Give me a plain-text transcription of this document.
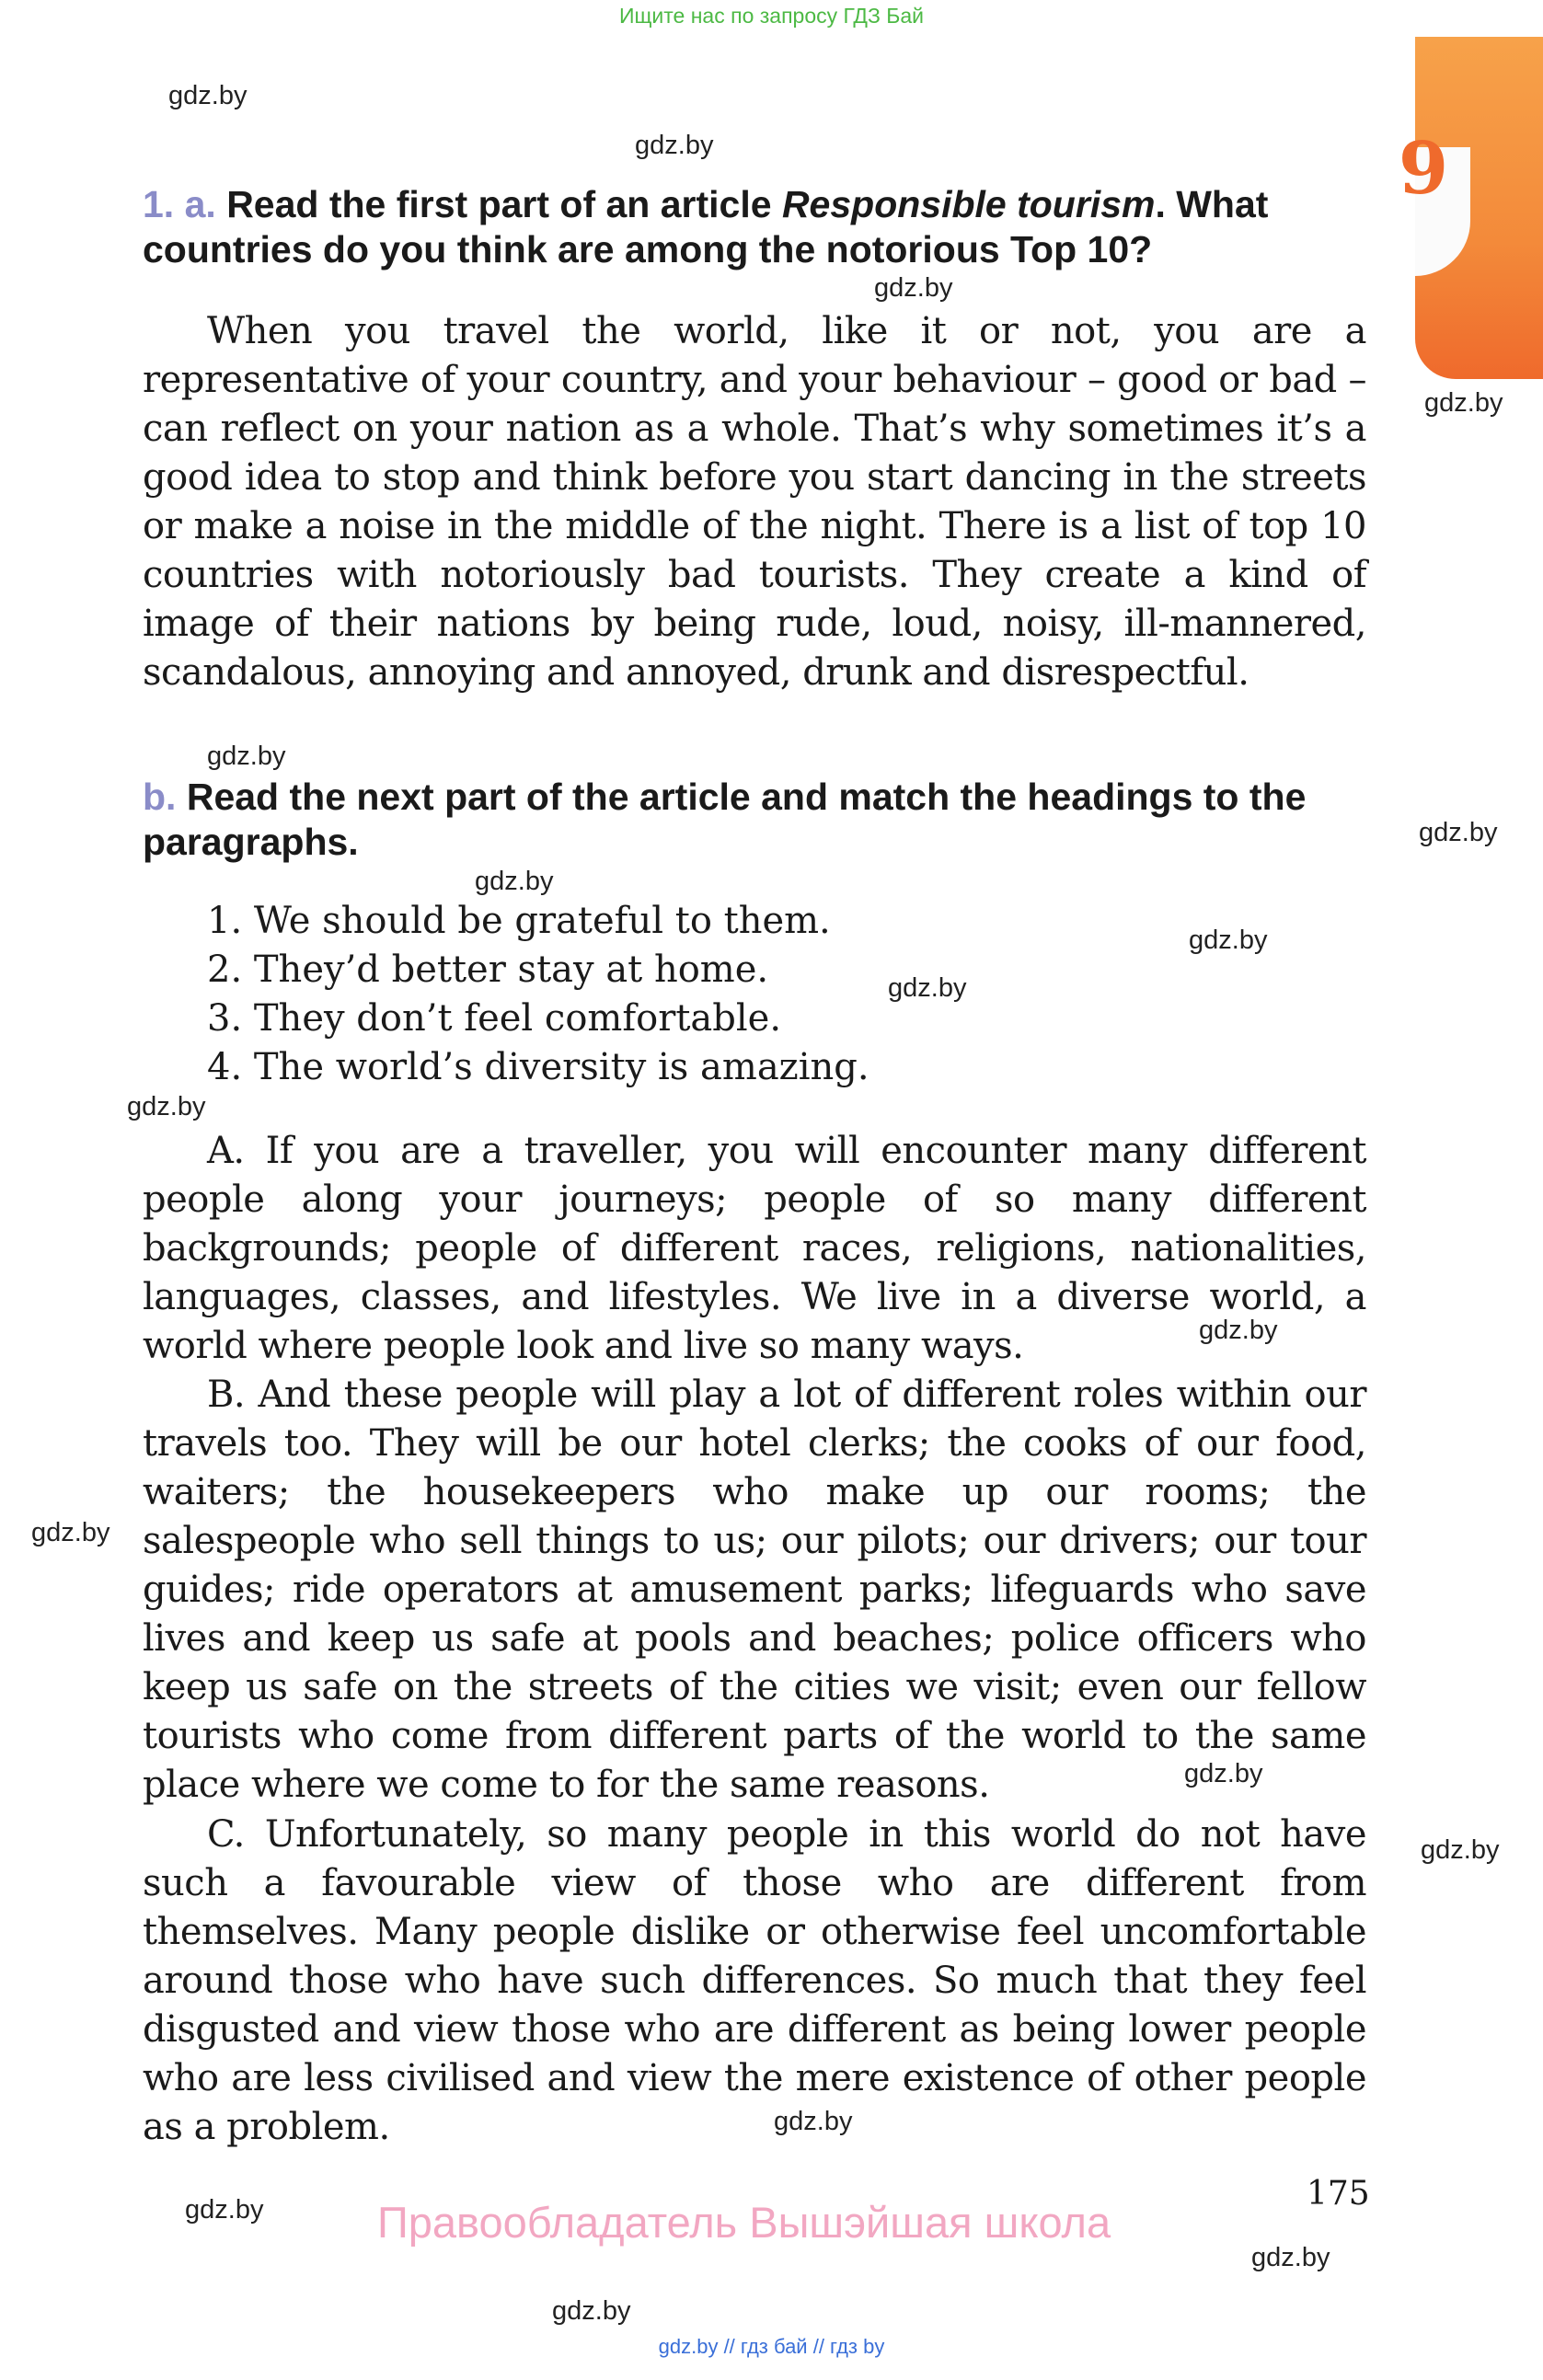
Ищите нас по запросу ГДЗ Бай
9
gdz.by
gdz.by
gdz.by
gdz.by
gdz.by
gdz.by
gdz.by
gdz.by
gdz.by
gdz.by
gdz.by
gdz.by
gdz.by
gdz.by
gdz.by
gdz.by
gdz.by
gdz.by

1. a. Read the first part of an article Responsible tourism. What countries do you think are among the notorious Top 10?

When you travel the world, like it or not, you are a representative of your country, and your behaviour – good or bad – can reflect on your nation as a whole. That’s why sometimes it’s a good idea to stop and think before you start dancing in the streets or make a noise in the middle of the night. There is a list of top 10 countries with notoriously bad tourists. They create a kind of image of their nations by being rude, loud, noisy, ill-mannered, scandalous, annoying and annoyed, drunk and disrespectful.

b. Read the next part of the article and match the headings to the paragraphs.

1. We should be grateful to them.
2. They’d better stay at home.
3. They don’t feel comfortable.
4. The world’s diversity is amazing.

A. If you are a traveller, you will encounter many different people along your journeys; people of so many different backgrounds; people of different races, religions, nationalities, languages, classes, and lifestyles. We live in a diverse world, a world where people look and live so many ways.

B. And these people will play a lot of different roles within our travels too. They will be our hotel clerks; the cooks of our food, waiters; the housekeepers who make up our rooms; the salespeople who sell things to us; our pilots; our drivers; our tour guides; ride operators at amusement parks; lifeguards who save lives and keep us safe at pools and beaches; police officers who keep us safe on the streets of the cities we visit; even our fellow tourists who come from different parts of the world to the same place where we come to for the same reasons.

C. Unfortunately, so many people in this world do not have such a favourable view of those who are different from themselves. Many people dislike or otherwise feel uncomfortable around those who have such differences. So much that they feel disgusted and view those who are different as being lower people who are less civilised and view the mere existence of other people as a problem.

175
Правообладатель Вышэйшая школа
gdz.by // гдз бай // гдз by
